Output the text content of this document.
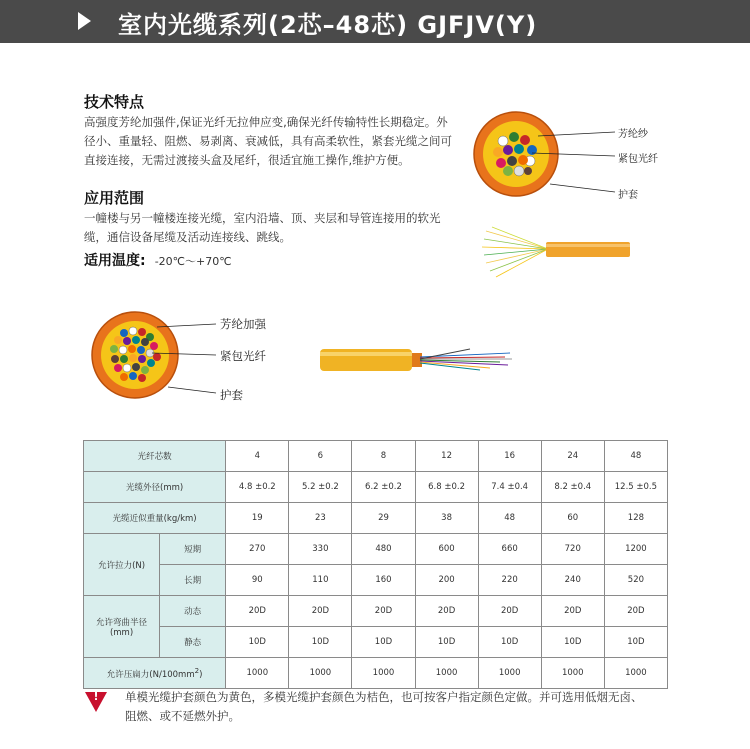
室内光缆系列(2芯–48芯) GJFJV(Y)
技术特点
高强度芳纶加强件,保证光纤无拉伸应变,确保光纤传输特性长期稳定。外径小、重量轻、阻燃、易剥离、衰减低，具有高柔软性，紧套光缆之间可直接连接，无需过渡接头盒及尾纤，很适宜施工操作,维护方便。
应用范围
一幢楼与另一幢楼连接光缆，室内沿墙、顶、夹层和导管连接用的软光缆，通信设备尾缆及活动连接线、跳线。
适用温度: -20℃～+70℃
芳纶纱
紧包光纤
护套
芳纶加强
紧包光纤
护套
光纤芯数		4	6	8	12	16	24	48
光缆外径(mm)		4.8 ±0.2	5.2 ±0.2	6.2 ±0.2	6.8 ±0.2	7.4 ±0.4	8.2 ±0.4	12.5 ±0.5
光缆近似重量(kg/km)		19	23	29	38	48	60	128
允许拉力(N)	短期	270	330	480	600	660	720	1200
	长期	90	110	160	200	220	240	520
允许弯曲半径
(mm)	动态	20D	20D	20D	20D	20D	20D	20D
	静态	10D	10D	10D	10D	10D	10D	10D
允许压扁力$(N/100mm^2)$		1000	1000	1000	1000	1000	1000	1000
! 单模光缆护套颜色为黄色，多模光缆护套颜色为桔色，也可按客户指定颜色定做。并可选用低烟无卤、阻燃、或不延燃外护。
